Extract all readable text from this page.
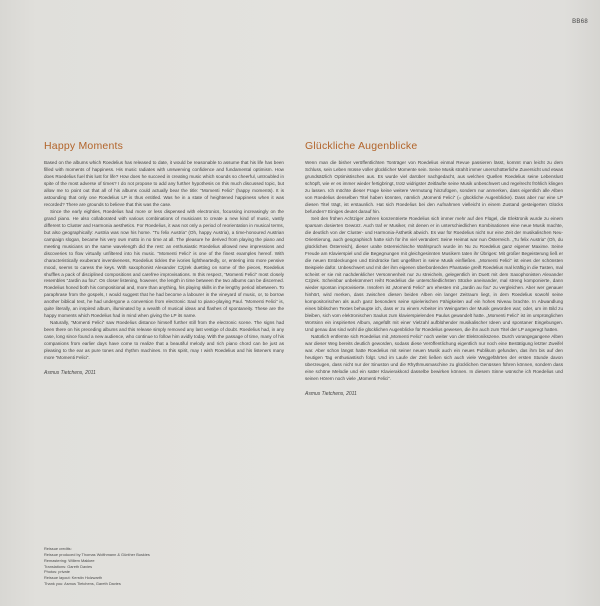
BB68
Happy Moments

Based on the albums which Roedelius has released to date, it would be reasonable to assume that his life has been filled with moments of happiness. His music radiates with unswerving confidence and fundamental optimism. How does Roedelius fuel this lust for life? How does he succeed in creating music which sounds so cheerful, untroubled in spite of the most adverse of times? I do not propose to add any further hypothesis on this much discussed topic, but allow me to point out that all of his albums could actually bear the title: “Momenti Felici” (happy moments). It is astounding that only one Roedelius LP is thus entitled. Was he in a state of heightened happiness when it was recorded? There are grounds to believe that this was the case.

Since the early eighties, Roedelius had more or less dispensed with electronics, focussing increasingly on the grand piano. He also collaborated with various combinations of musicians to create a new kind of music, vastly different to Cluster and Harmonia aesthetics. For Roedelius, it was not only a period of reorientation in musical terms, but also geographically: Austria was now his home. “Tu felix Austria” (Oh, happy Austria), a time-honoured Austrian campaign slogan, became his very own motto in no time at all. The pleasure he derived from playing the piano and meeting musicians on the same wavelength did the rest: an enthusiastic Roedelius allowed new impressions and discoveries to flow virtually unfiltered into his music. “Momenti Felici” is one of the finest examples hereof. With characteristically exuberant inventiveness, Roedelius tickles the ivories lightheartedly, or, entering into more pensive mood, seems to caress the keys. With saxophonist Alexander Czjzek duetting on some of the pieces, Roedelius shuffles a pack of disciplined compositions and carefree improvisations. In this respect, “Momenti Felici” most closely resembles “Jardin au fou”. On closer listening, however, the length in time between the two albums can be discerned. Roedelius honed both his compositional and, more than anything, his playing skills in the lengthy period inbetween. To paraphrase from the gospels, I would suggest that he had become a labourer in the vineyard of music, or, to borrow another biblical text, he had undergone a conversion from electronic Saul to piano-playing Paul. “Momenti Felici” is, quite literally, an inspired album, illuminated by a wealth of musical ideas and flashes of spontaneity. These are the happy moments which Roedelius had in mind when giving the LP its name.

Naturally, “Momenti Felici” saw Roedelius distance himself further still from the electronic scene. The signs had been there on his preceding albums and this release simply removed any last vestige of doubt. Roedelius had, in any case, long since found a new audience, who continue to follow him avidly today. With the passage of time, many of his companions from earlier days have come to realize that a beautiful melody and rich piano chord can be just as pleasing to the ear as pure tones and rhythm machines. In this spirit, may I wish Roedelius and his listeners many more “Momenti Felici”.

Asmus Tietchens, 2011
Glückliche Augenblicke

Wenn man die bisher veröffentlichten Tonträger von Roedelius einmal Revue passieren lässt, kommt man leicht zu dem Schluss, sein Leben müsse voller glücklicher Momente sein. Seine Musik strahlt immer unerschütterliche Zuversicht und etwas grundsätzlich Optimistisches aus. Es wurde viel darüber nachgedacht, aus welchen Quellen Roedelius seine Lebenslust schöpft, wie er es immer wieder fertigbringt, trotz widrigster Zeitläufte seine Musik unbeschwert und regelrecht fröhlich klingen zu lassen. Ich möchte dieser Frage keine weitere Vermutung hinzufügen, sondern nur anmerken, dass eigentlich alle Alben von Roedelius denselben Titel haben könnten, nämlich „Momenti Felici“ (= glückliche Augenblicke). Dass aber nur eine LP diesen Titel trägt, ist erstaunlich. Hat sich Roedelius bei den Aufnahmen vielleicht in einem Zustand gesteigerten Glücks befunden? Einiges deutet darauf hin.

Seit den frühen Achtziger Jahren konzentrierte Roedelius sich immer mehr auf den Flügel, die Elektronik wurde zu einem sparsam dosierten Gewürz. Auch traf er Musiker, mit denen er in unterschiedlichen Kombinationen eine neue Musik machte, die deutlich von der Cluster- und Harmonia-Ästhetik abwich. Es war für Roedelius nicht nur eine Zeit der musikalischen Neu-Orientierung, auch geographisch hatte sich für ihn viel verändert: Seine Heimat war nun Österreich. „Tu felix Austria“ (Oh, du glückliches Österreich), dieser uralte österreichische Wahlspruch wurde im Nu zu Roedelius ganz eigener Maxime. Seine Freude am Klavierspiel und die Begegnungen mit gleichgesinnten Musikern taten ihr Übriges: Mit großer Begeisterung ließ er die neuen Entdeckungen und Eindrücke fast ungefiltert in seine Musik einfließen. „Momenti Felici“ ist eines der schönsten Beispiele dafür. Unbeschwert und mit der ihm eigenen überbordenden Phantasie greift Roedelius mal kräftig in die Tasten, mal scheint er sie mit nachdenklicher Versonnenheit nur zu streicheln, gelegentlich im Duett mit dem Saxophonisten Alexander Czjzek. Scheinbar unbekümmert reiht Roedelius die unterschiedlichsten Stücke aneinander, mal streng komponierte, dann wieder spontan improvisierte. Insofern ist „Momenti Felici“ am ehesten mit „Jardin au fou“ zu vergleichen. Aber wer genauer hinhört, wird merken, dass zwischen diesen beiden Alben ein langer Zeitraum liegt, in dem Roedelius sowohl seine kompositorischen als auch ganz besonders seine spielerischen Fähigkeiten auf ein hohes Niveau brachte. In Abwandlung eines biblischen Textes behaupte ich, dass er zu einem Arbeiter im Weingarten der Musik geworden war; oder, um im Bild zu bleiben, sich vom elektronischen Saulus zum klavierspielenden Paulus gewandelt hatte. „Momenti Felici“ ist im ursprünglichen Wortsinn ein inspiriertes Album, angefüllt mit einer Vielzahl aufblühender musikalischer Ideen und spontaner Eingebungen. Und genau das sind wohl die glücklichen Augenblicke für Roedelius gewesen, die ihn auch zum Titel der LP angeregt hatten.

Natürlich entfernte sich Roedelius mit „Momenti Felici“ noch weiter von der Elektronikszene. Durch vorangegangene Alben war dieser Weg bereits deutlich geworden, sodass diese Veröffentlichung eigentlich nur noch eine Bestätigung letzter Zweifel war. Aber schon längst hatte Roedelius mit seiner neuen Musik auch ein neues Publikum gefunden, das ihm bis auf den heutigen Tag enthusiastisch folgt. Und im Laufe der Zeit ließen sich auch viele Weggefährten der ersten Stunde davon überzeugen, dass nicht nur der Sinuston und die Rhythmusmaschine zu glücklichen Genüssen führen können, sondern dass eine schöne Melodie und ein satter Klavierakkord dasselbe bewirken können. In diesem Sinne wünsche ich Roedelius und seinen Hörern noch viele „Momenti Felici“.

Asmus Tietchens, 2011
Reissue credits:
Reissue produced by Thomas Wolthmann & Günther Buskies
Remastering: Willem Makkee
Translations: Gareth Davies
Photos: private
Reissue layout: Kerstin Holzwarth
Thank you: Asmus Tietchens, Gareth Davies
